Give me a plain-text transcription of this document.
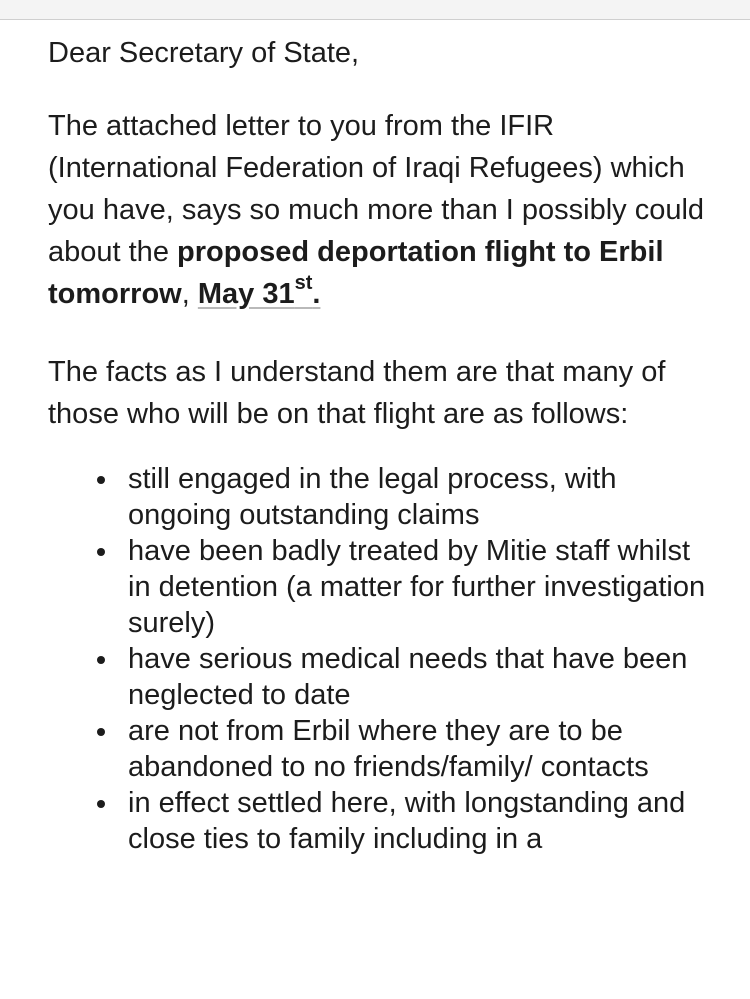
Dear Secretary of State,

The attached letter to you from the IFIR (International Federation of Iraqi Refugees) which you have, says so much more than I possibly could about the proposed deportation flight to Erbil tomorrow, May 31st.

The facts as I understand them are that many of those who will be on that flight are as follows:

still engaged in the legal process, with ongoing outstanding claims
have been badly treated by Mitie staff whilst in detention (a matter for further investigation surely)
have serious medical needs that have been neglected to date
are not from Erbil where they are to be abandoned to no friends/family/ contacts
in effect settled here, with longstanding and close ties to family including in a
